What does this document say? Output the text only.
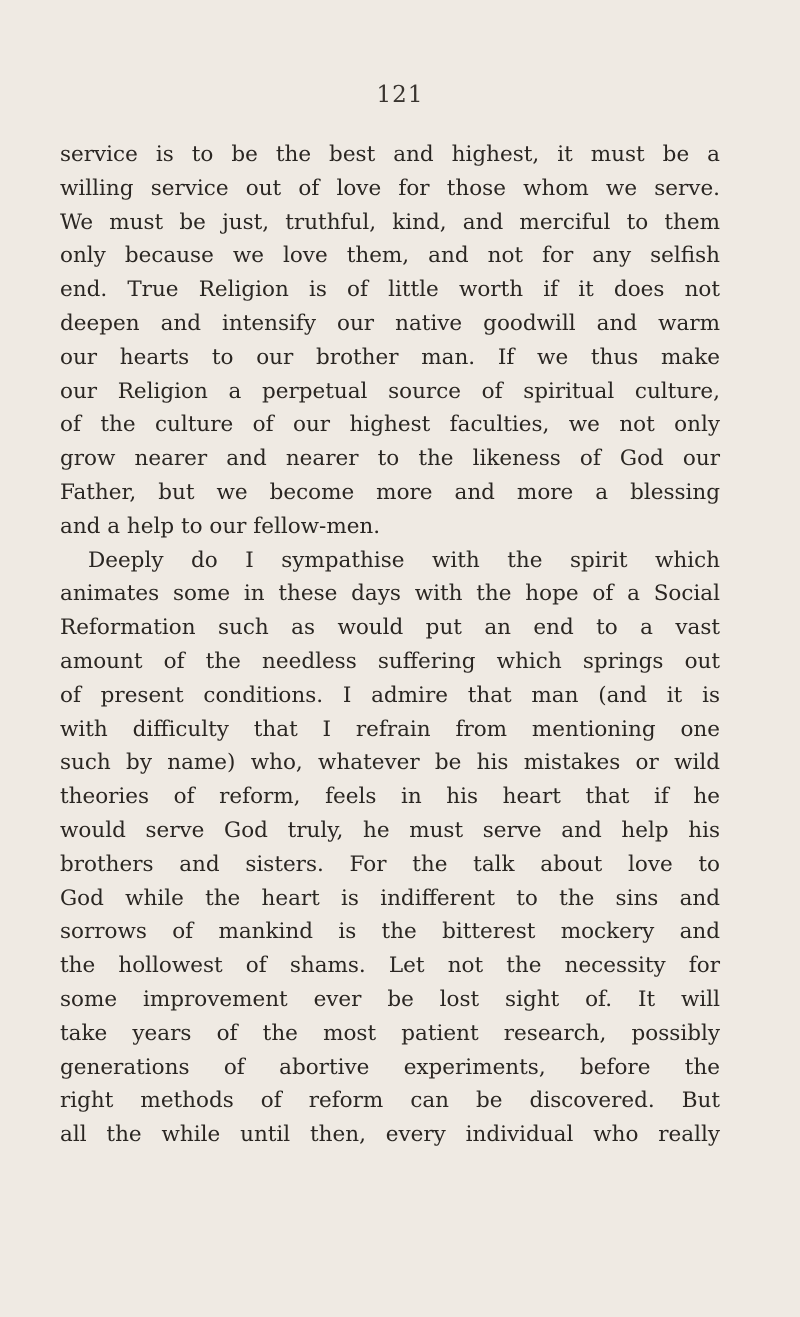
121
service is to be the best and highest, it must be a
willing service out of love for those whom we serve.
We must be just, truthful, kind, and merciful to them
only because we love them, and not for any selfish
end. True Religion is of little worth if it does not
deepen and intensify our native goodwill and warm
our hearts to our brother man. If we thus make
our Religion a perpetual source of spiritual culture,
of the culture of our highest faculties, we not only
grow nearer and nearer to the likeness of God our
Father, but we become more and more a blessing
and a help to our fellow-men.
Deeply do I sympathise with the spirit which
animates some in these days with the hope of a Social
Reformation such as would put an end to a vast
amount of the needless suffering which springs out
of present conditions. I admire that man (and it is
with difficulty that I refrain from mentioning one
such by name) who, whatever be his mistakes or wild
theories of reform, feels in his heart that if he
would serve God truly, he must serve and help his
brothers and sisters. For the talk about love to
God while the heart is indifferent to the sins and
sorrows of mankind is the bitterest mockery and
the hollowest of shams. Let not the necessity for
some improvement ever be lost sight of. It will
take years of the most patient research, possibly
generations of abortive experiments, before the
right methods of reform can be discovered. But
all the while until then, every individual who really
